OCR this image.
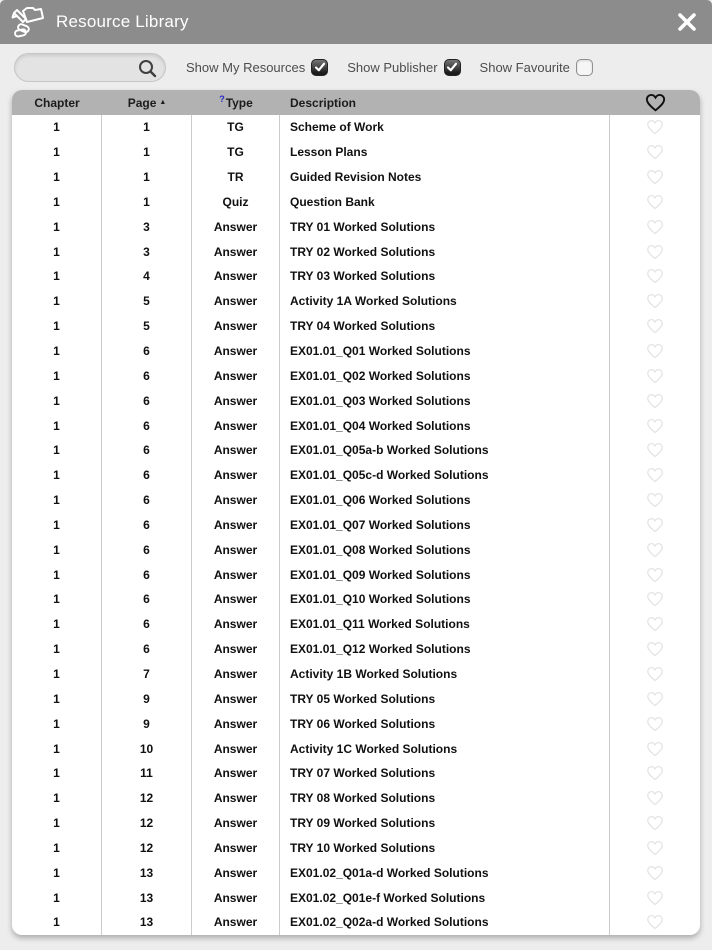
Resource Library
Show My Resources	Show Publisher	Show Favourite
Chapter	Page ▲	? Type	Description
1	1	TG	Scheme of Work
1	1	TG	Lesson Plans
1	1	TR	Guided Revision Notes
1	1	Quiz	Question Bank
1	3	Answer	TRY 01 Worked Solutions
1	3	Answer	TRY 02 Worked Solutions
1	4	Answer	TRY 03 Worked Solutions
1	5	Answer	Activity 1A Worked Solutions
1	5	Answer	TRY 04 Worked Solutions
1	6	Answer	EX01.01_Q01 Worked Solutions
1	6	Answer	EX01.01_Q02 Worked Solutions
1	6	Answer	EX01.01_Q03 Worked Solutions
1	6	Answer	EX01.01_Q04 Worked Solutions
1	6	Answer	EX01.01_Q05a-b Worked Solutions
1	6	Answer	EX01.01_Q05c-d Worked Solutions
1	6	Answer	EX01.01_Q06 Worked Solutions
1	6	Answer	EX01.01_Q07 Worked Solutions
1	6	Answer	EX01.01_Q08 Worked Solutions
1	6	Answer	EX01.01_Q09 Worked Solutions
1	6	Answer	EX01.01_Q10 Worked Solutions
1	6	Answer	EX01.01_Q11 Worked Solutions
1	6	Answer	EX01.01_Q12 Worked Solutions
1	7	Answer	Activity 1B Worked Solutions
1	9	Answer	TRY 05 Worked Solutions
1	9	Answer	TRY 06 Worked Solutions
1	10	Answer	Activity 1C Worked Solutions
1	11	Answer	TRY 07 Worked Solutions
1	12	Answer	TRY 08 Worked Solutions
1	12	Answer	TRY 09 Worked Solutions
1	12	Answer	TRY 10 Worked Solutions
1	13	Answer	EX01.02_Q01a-d Worked Solutions
1	13	Answer	EX01.02_Q01e-f Worked Solutions
1	13	Answer	EX01.02_Q02a-d Worked Solutions
